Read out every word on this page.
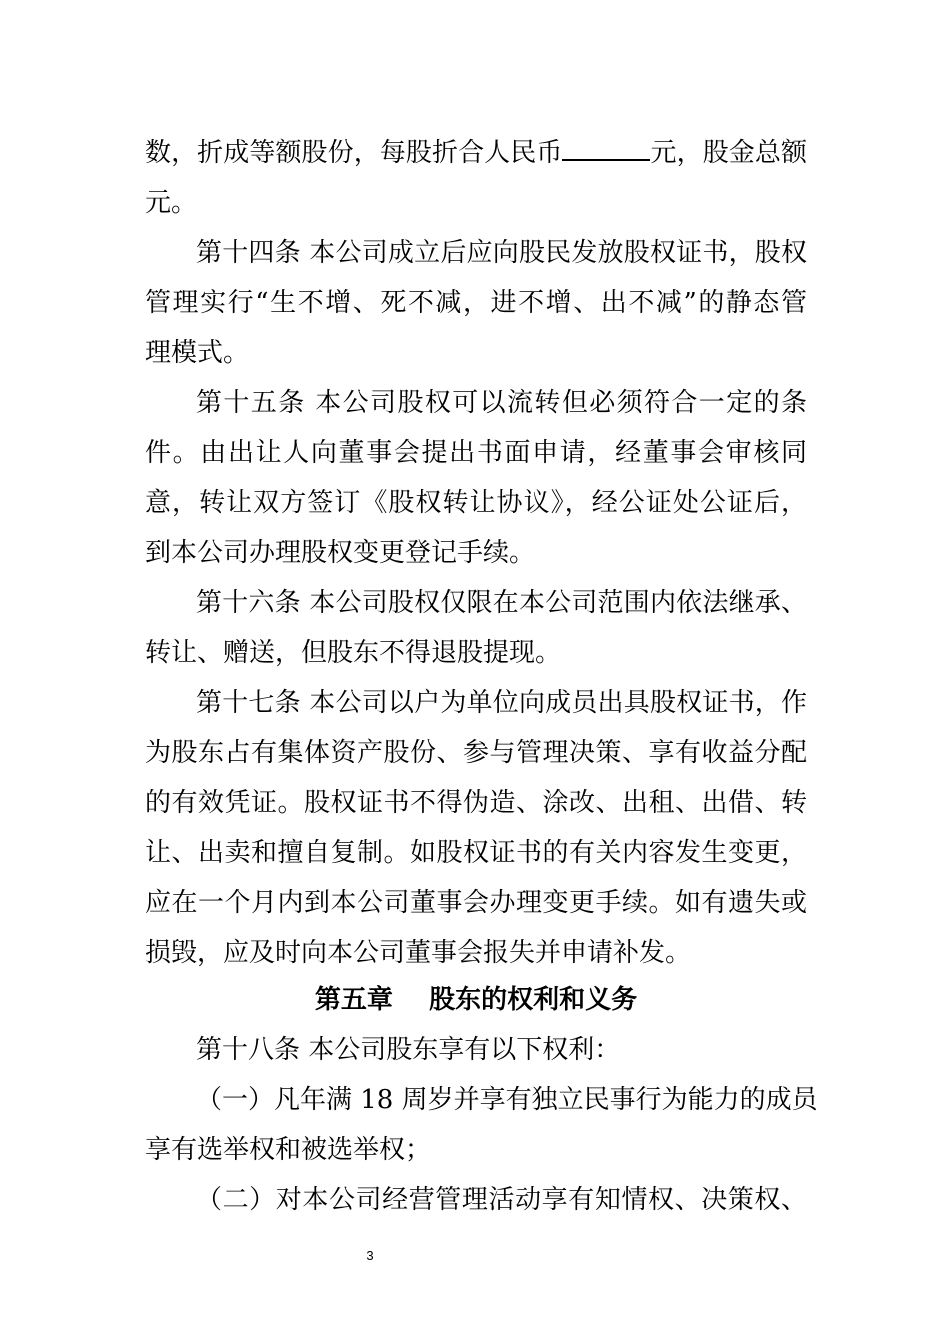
数，折成等额股份，每股折合人民币	元，股金总额
元。
第十四条 本公司成立后应向股民发放股权证书，股权
管理实行“生不增、死不减，进不增、出不减”的静态管
理模式。
第十五条 本公司股权可以流转但必须符合一定的条
件。由出让人向董事会提出书面申请，经董事会审核同
意，转让双方签订《股权转让协议》，经公证处公证后，
到本公司办理股权变更登记手续。
第十六条 本公司股权仅限在本公司范围内依法继承、
转让、赠送，但股东不得退股提现。
第十七条 本公司以户为单位向成员出具股权证书，作
为股东占有集体资产股份、参与管理决策、享有收益分配
的有效凭证。股权证书不得伪造、涂改、出租、出借、转
让、出卖和擅自复制。如股权证书的有关内容发生变更，
应在一个月内到本公司董事会办理变更手续。如有遗失或
损毁，应及时向本公司董事会报失并申请补发。
第五章    股东的权利和义务
第十八条 本公司股东享有以下权利：
（一）凡年满 18 周岁并享有独立民事行为能力的成员
享有选举权和被选举权；
（二）对本公司经营管理活动享有知情权、决策权、
3
